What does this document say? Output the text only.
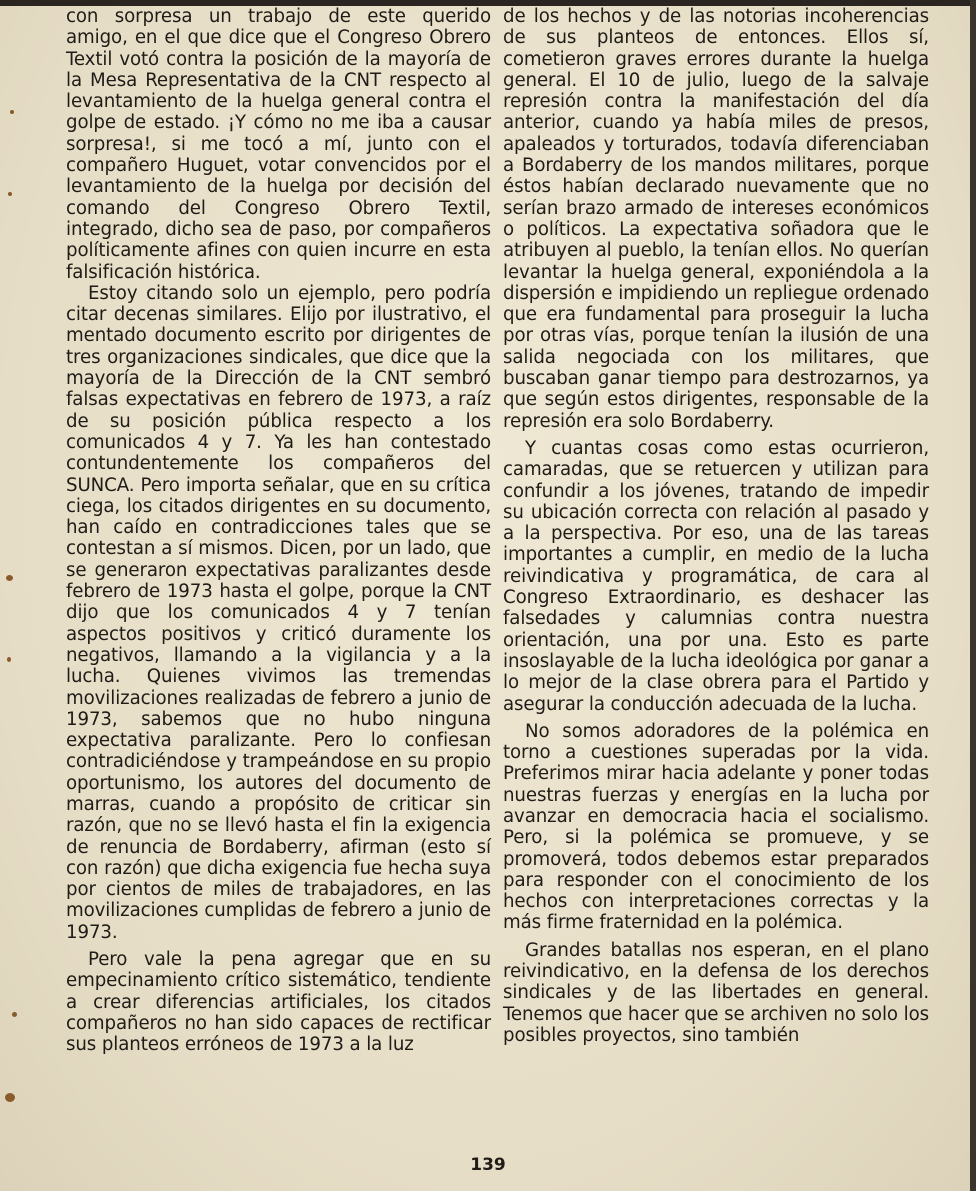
con sorpresa un trabajo de este querido amigo, en el que dice que el Congreso Obrero Textil votó contra la posición de la mayoría de la Mesa Representativa de la CNT respecto al levantamiento de la huelga general contra el golpe de estado. ¡Y cómo no me iba a causar sorpresa!, si me tocó a mí, junto con el compañero Huguet, votar convencidos por el levantamiento de la huelga por decisión del comando del Congreso Obrero Textil, integrado, dicho sea de paso, por compañeros políticamente afines con quien incurre en esta falsificación histórica.

Estoy citando solo un ejemplo, pero podría citar decenas similares. Elijo por ilustrativo, el mentado documento escrito por dirigentes de tres organizaciones sindicales, que dice que la mayoría de la Dirección de la CNT sembró falsas expectativas en febrero de 1973, a raíz de su posición pública respecto a los comunicados 4 y 7. Ya les han contestado contundentemente los compañeros del SUNCA. Pero importa señalar, que en su crítica ciega, los citados dirigentes en su documento, han caído en contradicciones tales que se contestan a sí mismos. Dicen, por un lado, que se generaron expectativas paralizantes desde febrero de 1973 hasta el golpe, porque la CNT dijo que los comunicados 4 y 7 tenían aspectos positivos y criticó duramente los negativos, llamando a la vigilancia y a la lucha. Quienes vivimos las tremendas movilizaciones realizadas de febrero a junio de 1973, sabemos que no hubo ninguna expectativa paralizante. Pero lo confiesan contradiciéndose y trampeándose en su propio oportunismo, los autores del documento de marras, cuando a propósito de criticar sin razón, que no se llevó hasta el fin la exigencia de renuncia de Bordaberry, afirman (esto sí con razón) que dicha exigencia fue hecha suya por cientos de miles de trabajadores, en las movilizaciones cumplidas de febrero a junio de 1973.

Pero vale la pena agregar que en su empecinamiento crítico sistemático, tendiente a crear diferencias artificiales, los citados compañeros no han sido capaces de rectificar sus planteos erróneos de 1973 a la luz

de los hechos y de las notorias incoherencias de sus planteos de entonces. Ellos sí, cometieron graves errores durante la huelga general. El 10 de julio, luego de la salvaje represión contra la manifestación del día anterior, cuando ya había miles de presos, apaleados y torturados, todavía diferenciaban a Bordaberry de los mandos militares, porque éstos habían declarado nuevamente que no serían brazo armado de intereses económicos o políticos. La expectativa soñadora que le atribuyen al pueblo, la tenían ellos. No querían levantar la huelga general, exponiéndola a la dispersión e impidiendo un repliegue ordenado que era fundamental para proseguir la lucha por otras vías, porque tenían la ilusión de una salida negociada con los militares, que buscaban ganar tiempo para destrozarnos, ya que según estos dirigentes, responsable de la represión era solo Bordaberry.

Y cuantas cosas como estas ocurrieron, camaradas, que se retuercen y utilizan para confundir a los jóvenes, tratando de impedir su ubicación correcta con relación al pasado y a la perspectiva. Por eso, una de las tareas importantes a cumplir, en medio de la lucha reivindicativa y programática, de cara al Congreso Extraordinario, es deshacer las falsedades y calumnias contra nuestra orientación, una por una. Esto es parte insoslayable de la lucha ideológica por ganar a lo mejor de la clase obrera para el Partido y asegurar la conducción adecuada de la lucha.

No somos adoradores de la polémica en torno a cuestiones superadas por la vida. Preferimos mirar hacia adelante y poner todas nuestras fuerzas y energías en la lucha por avanzar en democracia hacia el socialismo. Pero, si la polémica se promueve, y se promoverá, todos debemos estar preparados para responder con el conocimiento de los hechos con interpretaciones correctas y la más firme fraternidad en la polémica.

Grandes batallas nos esperan, en el plano reivindicativo, en la defensa de los derechos sindicales y de las libertades en general. Tenemos que hacer que se archiven no solo los posibles proyectos, sino también

139
